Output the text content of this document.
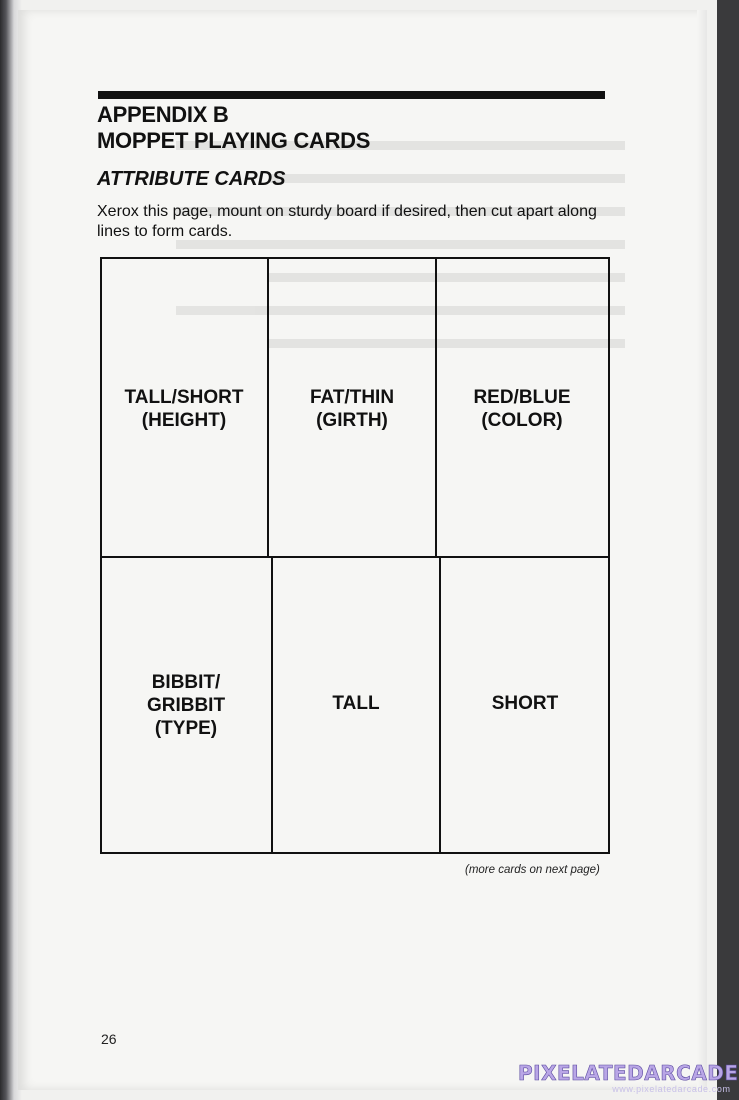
APPENDIX B
MOPPET PLAYING CARDS
ATTRIBUTE CARDS
Xerox this page, mount on sturdy board if desired, then cut apart along lines to form cards.
TALL/SHORT
(HEIGHT)
FAT/THIN
(GIRTH)
RED/BLUE
(COLOR)
BIBBIT/
GRIBBIT
(TYPE)
TALL	SHORT
(more cards on next page)
26
PIXELATEDARCADE
www.pixelatedarcade.com
